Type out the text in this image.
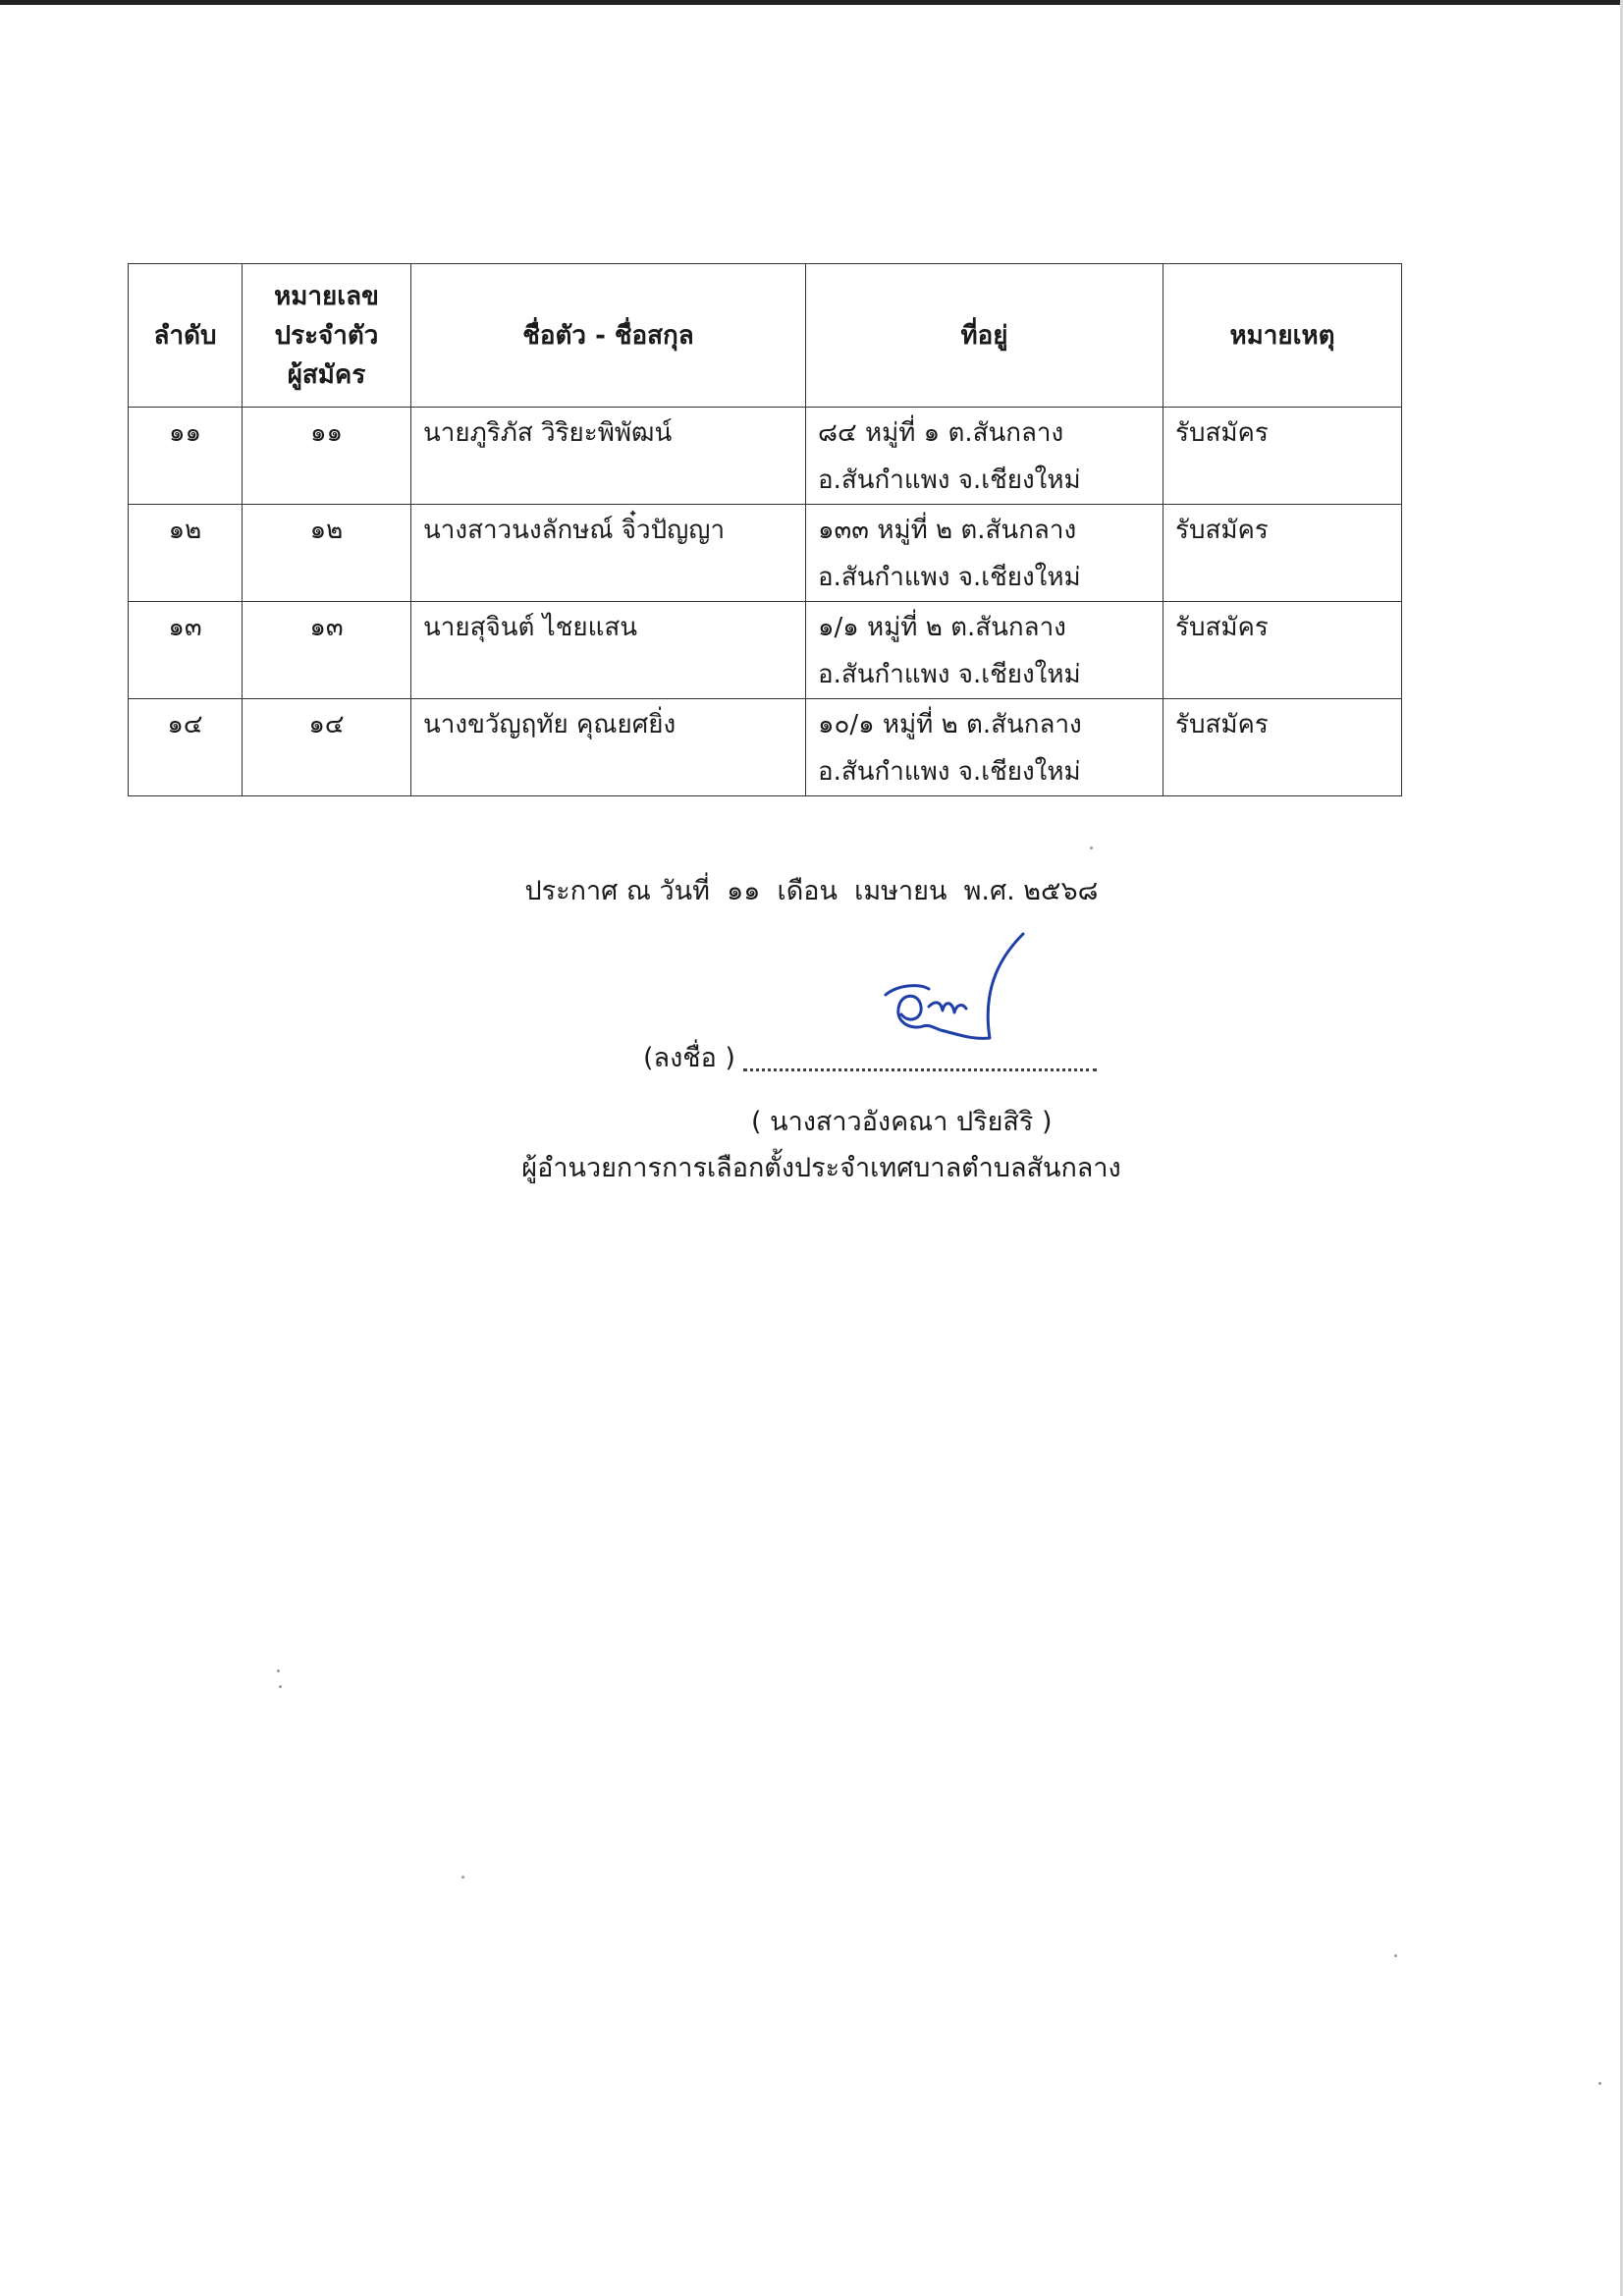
ลำดับ	หมายเลข
ประจำตัว
ผู้สมัคร	ชื่อตัว - ชื่อสกุล	ที่อยู่	หมายเหตุ

๑๑	๑๑	นายภูริภัส วิริยะพิพัฒน์	๘๔ หมู่ที่ ๑ ต.สันกลาง
อ.สันกำแพง จ.เชียงใหม่	รับสมัคร

๑๒	๑๒	นางสาวนงลักษณ์ จิ๋วปัญญา	๑๓๓ หมู่ที่ ๒ ต.สันกลาง
อ.สันกำแพง จ.เชียงใหม่	รับสมัคร

๑๓	๑๓	นายสุจินต์ ไชยแสน	๑/๑ หมู่ที่ ๒ ต.สันกลาง
อ.สันกำแพง จ.เชียงใหม่	รับสมัคร

๑๔	๑๔	นางขวัญฤทัย คุณยศยิ่ง	๑๐/๑ หมู่ที่ ๒ ต.สันกลาง
อ.สันกำแพง จ.เชียงใหม่	รับสมัคร
ประกาศ ณ วันที่  ๑๑  เดือน  เมษายน  พ.ศ. ๒๕๖๘
(ลงชื่อ )
( นางสาวอังคณา ปริยสิริ )
ผู้อำนวยการการเลือกตั้งประจำเทศบาลตำบลสันกลาง
